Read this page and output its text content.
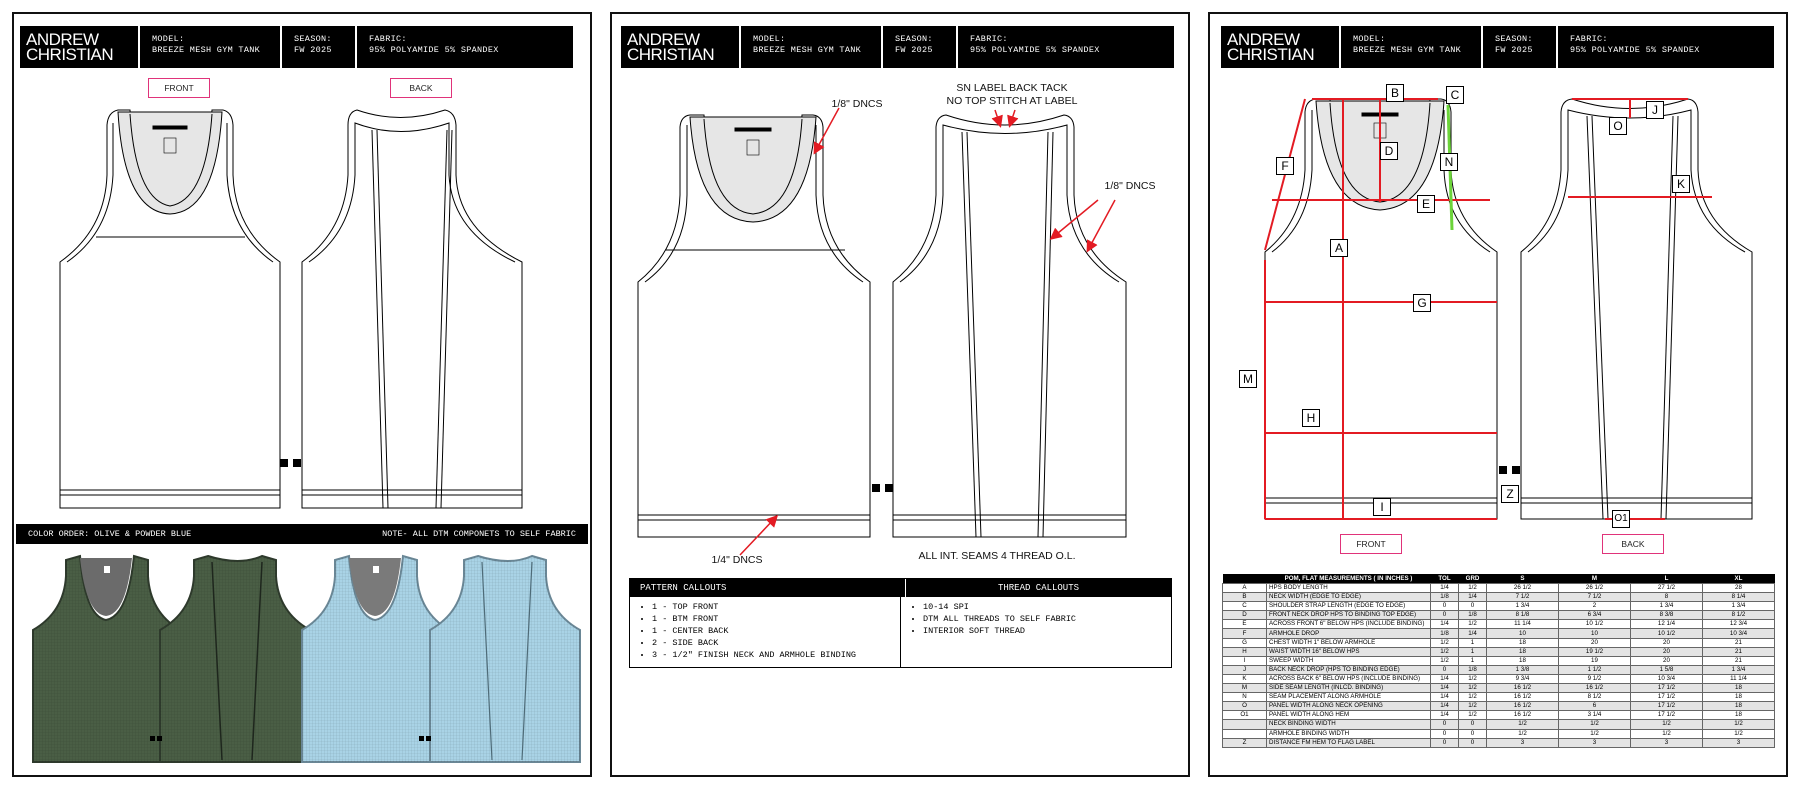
ANDREW
CHRISTIAN
MODEL:
BREEZE MESH GYM TANK
SEASON:
FW 2025
FABRIC:
95% POLYAMIDE 5% SPANDEX
FRONT	BACK
COLOR ORDER: OLIVE & POWDER BLUE	NOTE- ALL DTM COMPONETS TO SELF FABRIC
ANDREW
CHRISTIAN
MODEL:
BREEZE MESH GYM TANK
SEASON:
FW 2025
FABRIC:
95% POLYAMIDE 5% SPANDEX
1/8" DNCS
SN LABEL BACK TACK
NO TOP STITCH AT LABEL
1/8" DNCS
1/4" DNCS	ALL INT. SEAMS 4 THREAD O.L.
PATTERN CALLOUTS	THREAD CALLOUTS
• 1 - TOP FRONT
• 1 - BTM FRONT
• 1 - CENTER BACK
• 2 - SIDE BACK
• 3 - 1/2" FINISH NECK AND ARMHOLE BINDING
• 10-14 SPI
• DTM ALL THREADS TO SELF FABRIC
• INTERIOR SOFT THREAD
ANDREW
CHRISTIAN
MODEL:
BREEZE MESH GYM TANK
SEASON:
FW 2025
FABRIC:
95% POLYAMIDE 5% SPANDEX
FRONT	BACK
B	C
D
N
F
E
A
G
M
H
I
Z
J
O
K
O1
	POM, FLAT MEASUREMENTS ( IN INCHES )	TOL	GRD	S	M	L	XL
A	HPS BODY LENGTH	1/4	1/2	26 1/2	26 1/2	27 1/2	28
B	NECK WIDTH (EDGE TO EDGE)	1/8	1/4	7 1/2	7 1/2	8	8 1/4
C	SHOULDER STRAP LENGTH (EDGE TO EDGE)	0	0	1 3/4	2	1 3/4	1 3/4
D	FRONT NECK DROP HPS TO BINDING TOP EDGE)	0	1/8	8 1/8	6 3/4	8 3/8	8 1/2
E	ACROSS FRONT 6" BELOW HPS (INCLUDE BINDING)	1/4	1/2	11 1/4	10 1/2	12 1/4	12 3/4
F	ARMHOLE DROP	1/8	1/4	10	10	10 1/2	10 3/4
G	CHEST WIDTH 1" BELOW ARMHOLE	1/2	1	18	20	20	21
H	WAIST WIDTH 16" BELOW HPS	1/2	1	18	19 1/2	20	21
I	SWEEP WIDTH	1/2	1	18	19	20	21
J	BACK NECK DROP (HPS TO BINDING EDGE)	0	1/8	1 3/8	1 1/2	1 5/8	1 3/4
K	ACROSS BACK 6" BELOW HPS (INCLUDE BINDING)	1/4	1/2	9 3/4	9 1/2	10 3/4	11 1/4
M	SIDE SEAM LENGTH (INLCD. BINDING)	1/4	1/2	16 1/2	16 1/2	17 1/2	18
N	SEAM PLACEMENT ALONG ARMHOLE	1/4	1/2	16 1/2	8 1/2	17 1/2	18
O	PANEL WIDTH ALONG NECK OPENING	1/4	1/2	16 1/2	6	17 1/2	18
O1	PANEL WIDTH ALONG HEM	1/4	1/2	16 1/2	3 1/4	17 1/2	18
	NECK BINDING WIDTH	0	0	1/2	1/2	1/2	1/2
	ARMHOLE BINDING WIDTH	0	0	1/2	1/2	1/2	1/2
Z	DISTANCE FM HEM TO FLAG LABEL	0	0	3	3	3	3
